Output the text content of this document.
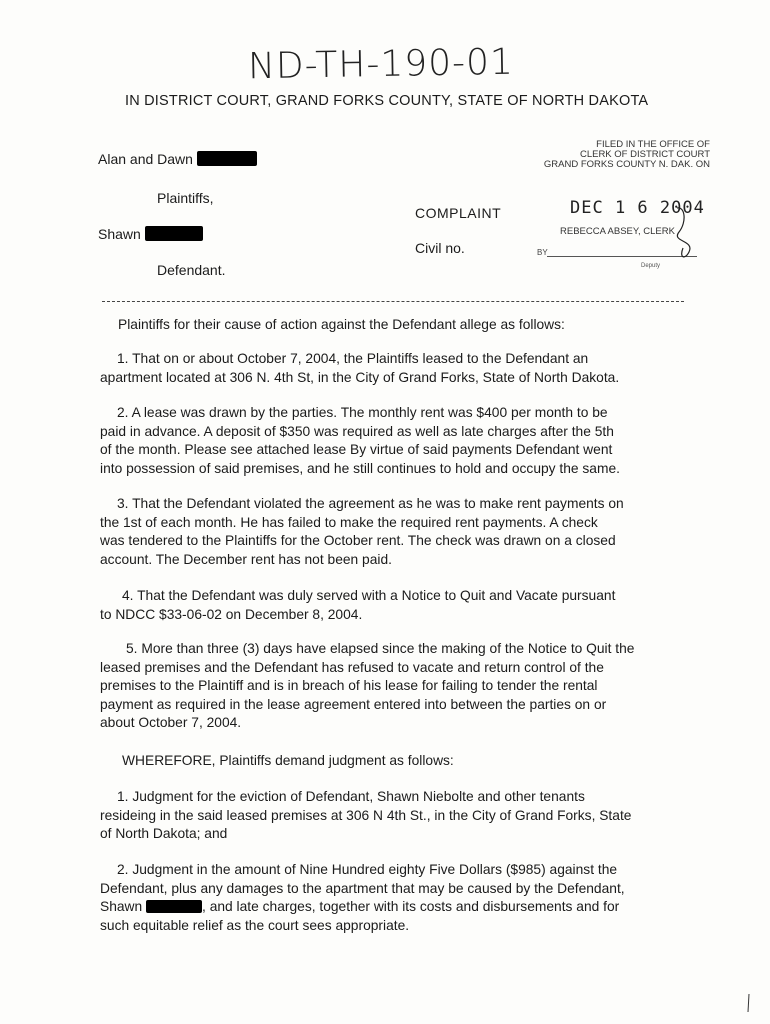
ND-TH-190-01
IN DISTRICT COURT, GRAND FORKS COUNTY, STATE OF NORTH DAKOTA
Alan and Dawn
Plaintiffs,
Shawn
Defendant.
COMPLAINT
Civil no.
FILED IN THE OFFICE OF
CLERK OF DISTRICT COURT
GRAND FORKS COUNTY N. DAK. ON
DEC 1 6 2004
REBECCA ABSEY, CLERK
BY
Deputy

Plaintiffs for their cause of action against the Defendant allege as follows:

1. That on or about October 7, 2004, the Plaintiffs leased to the Defendant an

apartment located at 306 N. 4th St, in the City of Grand Forks, State of North Dakota.

2. A lease was drawn by the parties. The monthly rent was $400 per month to be

paid in advance. A deposit of $350 was required as well as late charges after the 5th

of the month. Please see attached lease By virtue of said payments Defendant went

into possession of said premises, and he still continues to hold and occupy the same.

3. That the Defendant violated the agreement as he was to make rent payments on

the 1st of each month. He has failed to make the required rent payments. A check

was tendered to the Plaintiffs for the October rent. The check was drawn on a closed

account. The December rent has not been paid.

4. That the Defendant was duly served with a Notice to Quit and Vacate pursuant

to NDCC $33-06-02 on December 8, 2004.

5. More than three (3) days have elapsed since the making of the Notice to Quit the

leased premises and the Defendant has refused to vacate and return control of the

premises to the Plaintiff and is in breach of his lease for failing to tender the rental

payment as required in the lease agreement entered into between the parties on or

about October 7, 2004.

WHEREFORE, Plaintiffs demand judgment as follows:

1. Judgment for the eviction of Defendant, Shawn Niebolte and other tenants

resideing in the said leased premises at 306 N 4th St., in the City of Grand Forks, State

of North Dakota; and

2. Judgment in the amount of Nine Hundred eighty Five Dollars ($985) against the

Defendant, plus any damages to the apartment that may be caused by the Defendant,

Shawn	, and late charges, together with its costs and disbursements and for

such equitable relief as the court sees appropriate.
